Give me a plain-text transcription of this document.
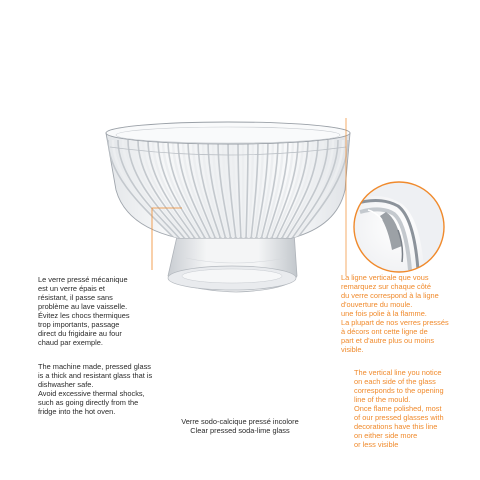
Le verre pressé mécanique
est un verre épais et
résistant, il passe sans
problème au lave vaisselle.
Évitez les chocs thermiques
trop importants, passage
direct du frigidaire au four
chaud par exemple.
The machine made, pressed glass
is a thick and resistant glass that is
dishwasher safe.
Avoid excessive thermal shocks,
such as going directly from the
fridge into the hot oven.
La ligne verticale que vous
remarquez sur chaque côté
du verre correspond à la ligne
d'ouverture du moule.
une fois polie à la flamme.
La plupart de nos verres pressés
à décors ont cette ligne de
part et d'autre plus ou moins
visible.
The vertical line you notice
on each side of the glass
corresponds to the opening
line of the mould.
Once flame polished, most
of our pressed glasses with
decorations have this line
on either side more
or less visible
Verre sodo-calcique pressé incolore
Clear pressed soda-lime glass
